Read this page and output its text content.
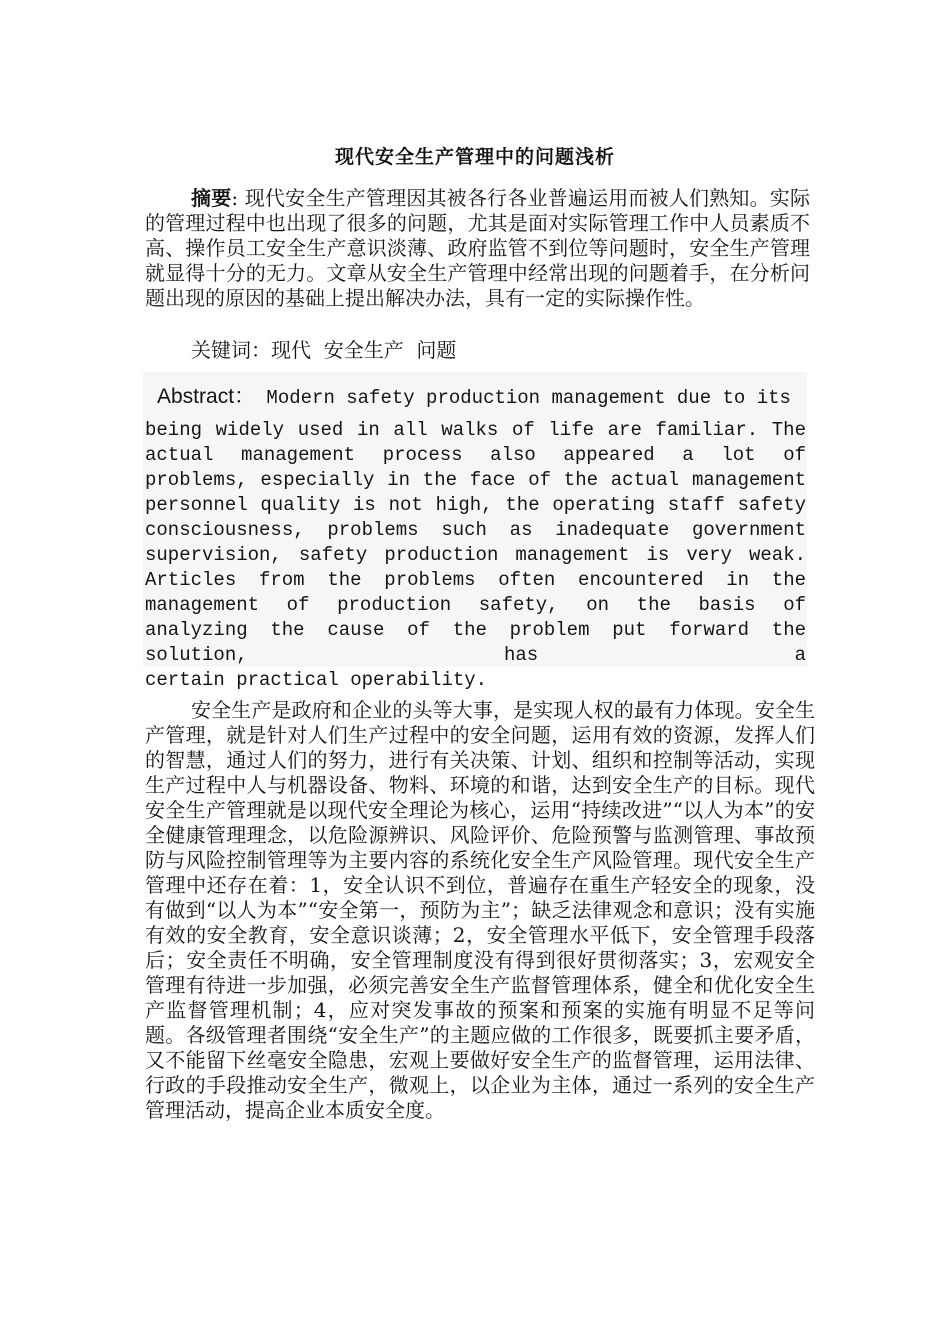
现代安全生产管理中的问题浅析
摘要: 现代安全生产管理因其被各行各业普遍运用而被人们熟知。实际的管理过程中也出现了很多的问题，尤其是面对实际管理工作中人员素质不高、操作员工安全生产意识淡薄、政府监管不到位等问题时，安全生产管理就显得十分的无力。文章从安全生产管理中经常出现的问题着手，在分析问题出现的原因的基础上提出解决办法，具有一定的实际操作性。
关键词：现代  安全生产  问题
Abstract： Modern safety production management due to its
being widely used in all walks of life are familiar. The actual management process also appeared a lot of problems, especially in the face of the actual management personnel quality is not high, the operating staff safety consciousness, problems such as inadequate government supervision, safety production management is very weak. Articles from the problems often encountered in the management of production safety, on the basis of analyzing the cause of the problem put forward the solution, has a
certain practical operability.
安全生产是政府和企业的头等大事，是实现人权的最有力体现。安全生产管理，就是针对人们生产过程中的安全问题，运用有效的资源，发挥人们的智慧，通过人们的努力，进行有关决策、计划、组织和控制等活动，实现生产过程中人与机器设备、物料、环境的和谐，达到安全生产的目标。现代安全生产管理就是以现代安全理论为核心，运用“持续改进”“以人为本”的安全健康管理理念，以危险源辨识、风险评价、危险预警与监测管理、事故预防与风险控制管理等为主要内容的系统化安全生产风险管理。现代安全生产管理中还存在着：1，安全认识不到位，普遍存在重生产轻安全的现象，没有做到“以人为本”“安全第一，预防为主”；缺乏法律观念和意识；没有实施有效的安全教育，安全意识谈薄；2，安全管理水平低下，安全管理手段落后；安全责任不明确，安全管理制度没有得到很好贯彻落实；3，宏观安全管理有待进一步加强，必须完善安全生产监督管理体系，健全和优化安全生产监督管理机制；4，应对突发事故的预案和预案的实施有明显不足等问题。各级管理者围绕“安全生产”的主题应做的工作很多，既要抓主要矛盾，又不能留下丝毫安全隐患，宏观上要做好安全生产的监督管理，运用法律、行政的手段推动安全生产，微观上，以企业为主体，通过一系列的安全生产管理活动，提高企业本质安全度。
